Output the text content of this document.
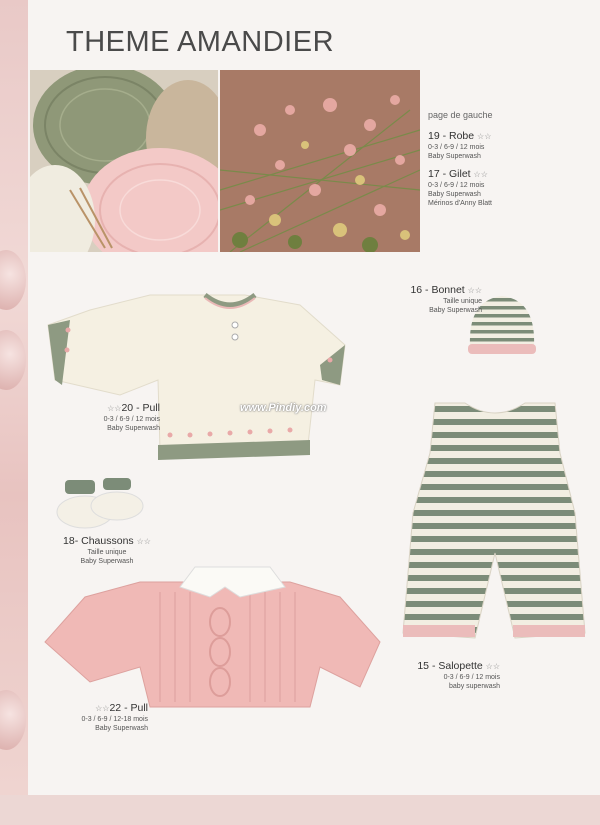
THEME AMANDIER
page de gauche
19 - Robe ☆☆
0-3 / 6-9 / 12 mois
Baby Superwash
17 - Gilet ☆☆
0-3 / 6-9 / 12 mois
Baby Superwash
Mérinos d'Anny Blatt
16 - Bonnet ☆☆
Taille unique
Baby Superwash
☆☆20 - Pull
0-3 / 6-9 / 12 mois
Baby Superwash
18- Chaussons ☆☆
Taille unique
Baby Superwash
☆☆22 - Pull
0-3 / 6-9 / 12-18 mois
Baby Superwash
15 - Salopette ☆☆
0-3 / 6-9 / 12 mois
baby superwash
www.Pindiy.com
